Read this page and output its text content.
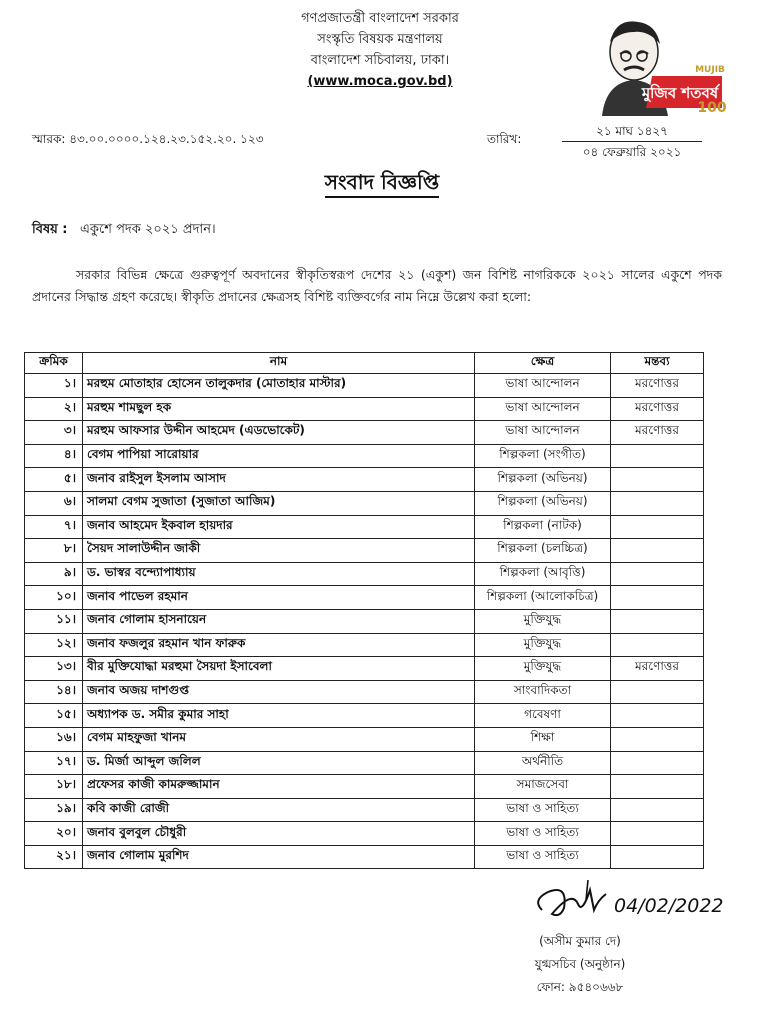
গণপ্রজাতন্ত্রী বাংলাদেশ সরকার
সংস্কৃতি বিষয়ক মন্ত্রণালয়
বাংলাদেশ সচিবালয়, ঢাকা।
(www.moca.gov.bd)
মুজিব শতবর্ষ
MUJIB
100
স্মারক: ৪৩.০০.০০০০.১২৪.২৩.১৫২.২০. ১২৩	তারিখ:
২১ মাঘ ১৪২৭
০৪ ফেব্রুয়ারি ২০২১
সংবাদ বিজ্ঞপ্তি
বিষয় : একুশে পদক ২০২১ প্রদান।
সরকার বিভিন্ন ক্ষেত্রে গুরুত্বপূর্ণ অবদানের স্বীকৃতিস্বরূপ দেশের ২১ (একুশ) জন বিশিষ্ট নাগরিককে ২০২১ সালের একুশে পদক প্রদানের সিদ্ধান্ত গ্রহণ করেছে। স্বীকৃতি প্রদানের ক্ষেত্রসহ বিশিষ্ট ব্যক্তিবর্গের নাম নিম্নে উল্লেখ করা হলো:
ক্রমিক	নাম	ক্ষেত্র	মন্তব্য
১।	মরহুম মোতাহার হোসেন তালুকদার (মোতাহার মাস্টার)	ভাষা আন্দোলন	মরণোত্তর
২।	মরহুম শামছুল হক	ভাষা আন্দোলন	মরণোত্তর
৩।	মরহুম আফসার উদ্দীন আহমেদ (এডভোকেট)	ভাষা আন্দোলন	মরণোত্তর
৪।	বেগম পাপিয়া সারোয়ার	শিল্পকলা (সংগীত)	
৫।	জনাব রাইসুল ইসলাম আসাদ	শিল্পকলা (অভিনয়)	
৬।	সালমা বেগম সুজাতা (সুজাতা আজিম)	শিল্পকলা (অভিনয়)	
৭।	জনাব আহমেদ ইকবাল হায়দার	শিল্পকলা (নাটক)	
৮।	সৈয়দ সালাউদ্দীন জাকী	শিল্পকলা (চলচ্চিত্র)	
৯।	ড. ভাস্বর বন্দ্যোপাধ্যায়	শিল্পকলা (আবৃত্তি)	
১০।	জনাব পাভেল রহমান	শিল্পকলা (আলোকচিত্র)	
১১।	জনাব গোলাম হাসনায়েন	মুক্তিযুদ্ধ	
১২।	জনাব ফজলুর রহমান খান ফারুক	মুক্তিযুদ্ধ	
১৩।	বীর মুক্তিযোদ্ধা মরহুমা সৈয়দা ইসাবেলা	মুক্তিযুদ্ধ	মরণোত্তর
১৪।	জনাব অজয় দাশগুপ্ত	সাংবাদিকতা	
১৫।	অধ্যাপক ড. সমীর কুমার সাহা	গবেষণা	
১৬।	বেগম মাহফুজা খানম	শিক্ষা	
১৭।	ড. মির্জা আব্দুল জলিল	অর্থনীতি	
১৮।	প্রফেসর কাজী কামরুজ্জামান	সমাজসেবা	
১৯।	কবি কাজী রোজী	ভাষা ও সাহিত্য	
২০।	জনাব বুলবুল চৌধুরী	ভাষা ও সাহিত্য	
২১।	জনাব গোলাম মুরশিদ	ভাষা ও সাহিত্য	
04/02/2022
(অসীম কুমার দে)
যুগ্মসচিব (অনুষ্ঠান)
ফোন: ৯৫৪০৬৬৮
